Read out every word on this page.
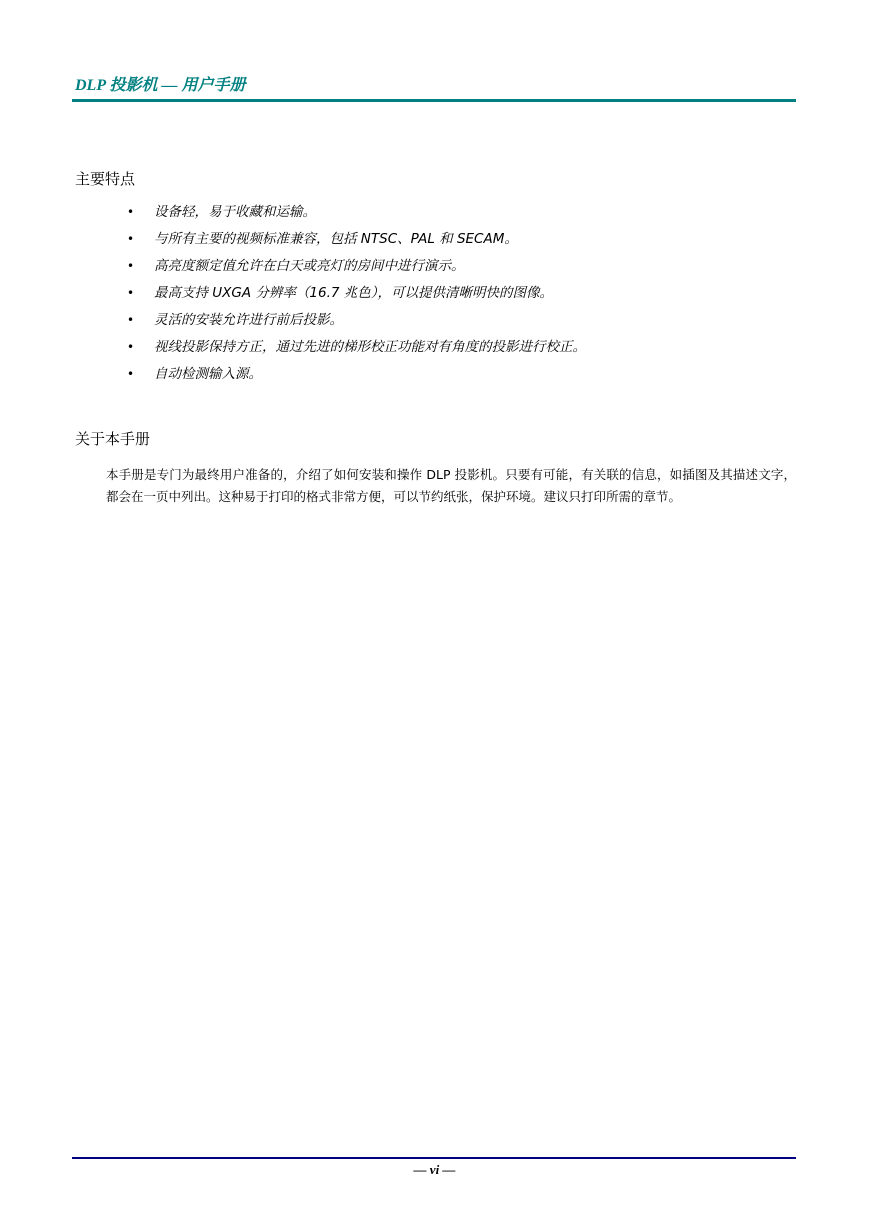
DLP 投影机 — 用户手册
主要特点
• 设备轻，易于收藏和运输。
• 与所有主要的视频标准兼容，包括 NTSC、PAL 和 SECAM。
• 高亮度额定值允许在白天或亮灯的房间中进行演示。
• 最高支持 UXGA 分辨率（16.7 兆色），可以提供清晰明快的图像。
• 灵活的安装允许进行前后投影。
• 视线投影保持方正，通过先进的梯形校正功能对有角度的投影进行校正。
• 自动检测输入源。
关于本手册

本手册是专门为最终用户准备的，介绍了如何安装和操作 DLP 投影机。只要有可能，有关联的信息，如插图及其描述文字，都会在一页中列出。这种易于打印的格式非常方便，可以节约纸张，保护环境。建议只打印所需的章节。

— vi —
